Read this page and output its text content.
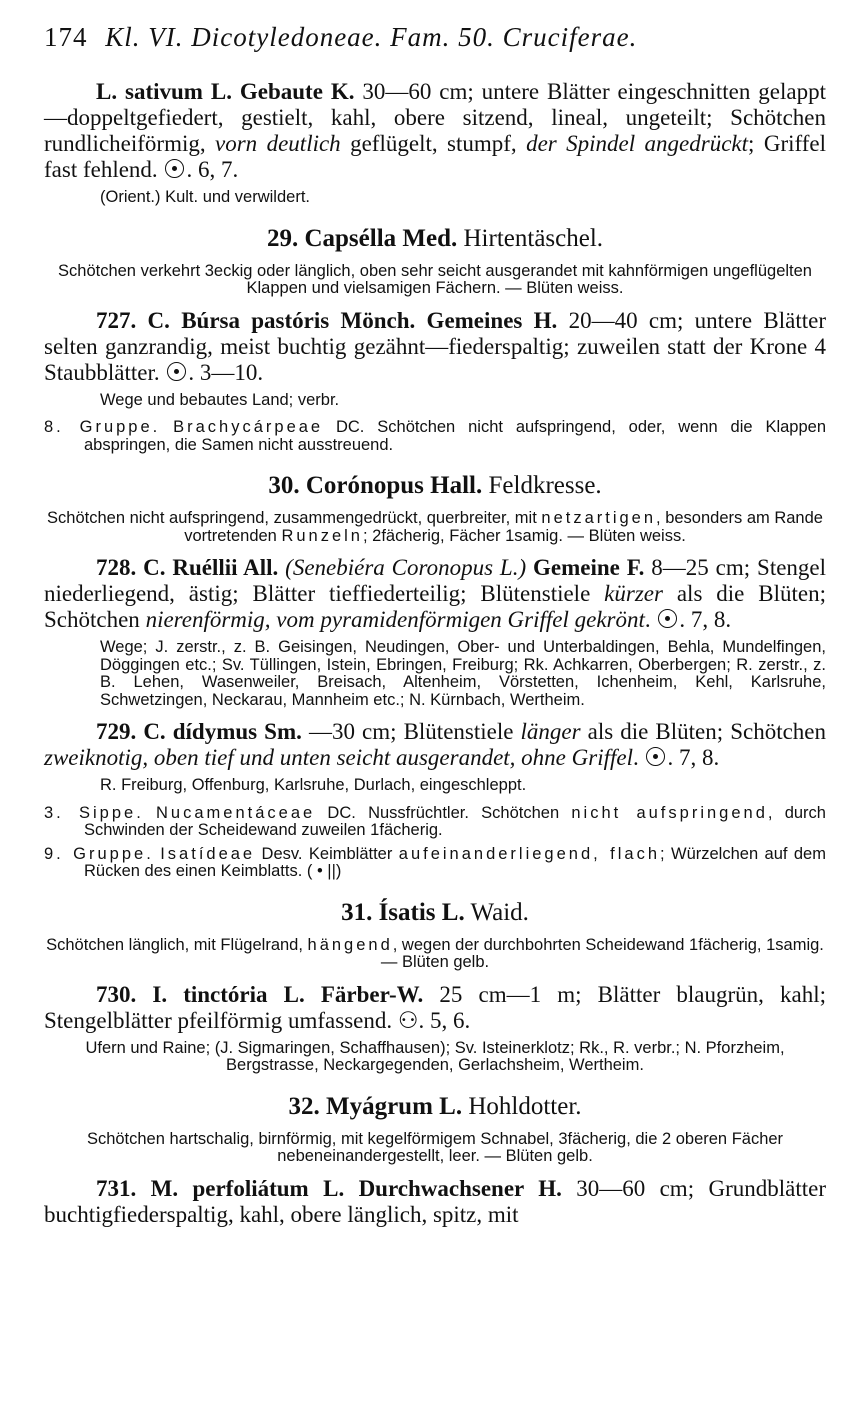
174 Kl. VI. Dicotyledoneae. Fam. 50. Cruciferae.
L. sativum L. Gebaute K. 30—60 cm; untere Blätter eingeschnitten gelappt—doppeltgefiedert, gestielt, kahl, obere sitzend, lineal, ungeteilt; Schötchen rundlicheiförmig, vorn deutlich geflügelt, stumpf, der Spindel angedrückt; Griffel fast fehlend. . 6, 7.
(Orient.) Kult. und verwildert.
29. Capsélla Med. Hirtentäschel.
Schötchen verkehrt 3eckig oder länglich, oben sehr seicht ausgerandet mit kahnförmigen ungeflügelten Klappen und vielsamigen Fächern. — Blüten weiss.
727. C. Búrsa pastóris Mönch. Gemeines H. 20—40 cm; untere Blätter selten ganzrandig, meist buchtig gezähnt—fiederspaltig; zuweilen statt der Krone 4 Staubblätter. . 3—10.
Wege und bebautes Land; verbr.
8. Gruppe. Brachycárpeae DC. Schötchen nicht aufspringend, oder, wenn die Klappen abspringen, die Samen nicht ausstreuend.
30. Corónopus Hall. Feldkresse.
Schötchen nicht aufspringend, zusammengedrückt, querbreiter, mit netzartigen, besonders am Rande vortretenden Runzeln; 2fächerig, Fächer 1samig. — Blüten weiss.
728. C. Ruéllii All. (Senebiéra Coronopus L.) Gemeine F. 8—25 cm; Stengel niederliegend, ästig; Blätter tieffiederteilig; Blütenstiele kürzer als die Blüten; Schötchen nierenförmig, vom pyramidenförmigen Griffel gekrönt. . 7, 8.
Wege; J. zerstr., z. B. Geisingen, Neudingen, Ober- und Unterbaldingen, Behla, Mundelfingen, Döggingen etc.; Sv. Tüllingen, Istein, Ebringen, Freiburg; Rk. Achkarren, Oberbergen; R. zerstr., z. B. Lehen, Wasenweiler, Breisach, Altenheim, Vörstetten, Ichenheim, Kehl, Karlsruhe, Schwetzingen, Neckarau, Mannheim etc.; N. Kürnbach, Wertheim.
729. C. dídymus Sm. —30 cm; Blütenstiele länger als die Blüten; Schötchen zweiknotig, oben tief und unten seicht ausgerandet, ohne Griffel. . 7, 8.
R. Freiburg, Offenburg, Karlsruhe, Durlach, eingeschleppt.
3. Sippe. Nucamentáceae DC. Nussfrüchtler. Schötchen nicht aufspringend, durch Schwinden der Scheidewand zuweilen 1fächerig.
9. Gruppe. Isatídeae Desv. Keimblätter aufeinanderliegend, flach; Würzelchen auf dem Rücken des einen Keimblatts. ( • ||)
31. Ísatis L. Waid.
Schötchen länglich, mit Flügelrand, hängend, wegen der durchbohrten Scheidewand 1fächerig, 1samig. — Blüten gelb.
730. I. tinctória L. Färber-W. 25 cm—1 m; Blätter blaugrün, kahl; Stengelblätter pfeilförmig umfassend. ⚇. 5, 6.
Ufern und Raine; (J. Sigmaringen, Schaffhausen); Sv. Isteinerklotz; Rk., R. verbr.; N. Pforzheim, Bergstrasse, Neckargegenden, Gerlachsheim, Wertheim.
32. Myágrum L. Hohldotter.
Schötchen hartschalig, birnförmig, mit kegelförmigem Schnabel, 3fächerig, die 2 oberen Fächer nebeneinandergestellt, leer. — Blüten gelb.
731. M. perfoliátum L. Durchwachsener H. 30—60 cm; Grundblätter buchtigfiederspaltig, kahl, obere länglich, spitz, mit
